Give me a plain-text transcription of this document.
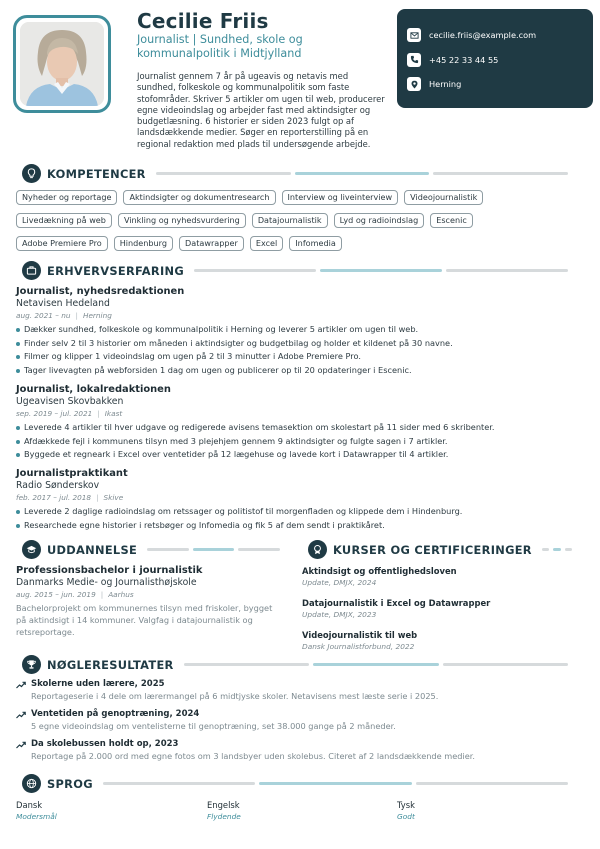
Cecilie Friis
Journalist | Sundhed, skole og kommunalpolitik i Midtjylland
Journalist gennem 7 år på ugeavis og netavis med sundhed, folkeskole og kommunalpolitik som faste stofområder. Skriver 5 artikler om ugen til web, producerer egne videoindslag og arbejder fast med aktindsigter og budgetlæsning. 6 historier er siden 2023 fulgt op af landsdækkende medier. Søger en reporterstilling på en regional redaktion med plads til undersøgende arbejde.
cecilie.friis@example.com
+45 22 33 44 55
Herning
KOMPETENCER
Nyheder og reportage	Aktindsigter og dokumentresearch	Interview og liveinterview	Videojournalistik
Livedækning på web	Vinkling og nyhedsvurdering	Datajournalistik	Lyd og radioindslag	Escenic
Adobe Premiere Pro	Hindenburg	Datawrapper	Excel	Infomedia
ERHVERVSERFARING
Journalist, nyhedsredaktionen
Netavisen Hedeland
aug. 2021 – nu | Herning
Dækker sundhed, folkeskole og kommunalpolitik i Herning og leverer 5 artikler om ugen til web.
Finder selv 2 til 3 historier om måneden i aktindsigter og budgetbilag og holder et kildenet på 30 navne.
Filmer og klipper 1 videoindslag om ugen på 2 til 3 minutter i Adobe Premiere Pro.
Tager livevagten på webforsiden 1 dag om ugen og publicerer op til 20 opdateringer i Escenic.
Journalist, lokalredaktionen
Ugeavisen Skovbakken
sep. 2019 – jul. 2021 | Ikast
Leverede 4 artikler til hver udgave og redigerede avisens temasektion om skolestart på 11 sider med 6 skribenter.
Afdækkede fejl i kommunens tilsyn med 3 plejehjem gennem 9 aktindsigter og fulgte sagen i 7 artikler.
Byggede et regneark i Excel over ventetider på 12 lægehuse og lavede kort i Datawrapper til 4 artikler.
Journalistpraktikant
Radio Sønderskov
feb. 2017 – jul. 2018 | Skive
Leverede 2 daglige radioindslag om retssager og politistof til morgenfladen og klippede dem i Hindenburg.
Researchede egne historier i retsbøger og Infomedia og fik 5 af dem sendt i praktikåret.
UDDANNELSE
Professionsbachelor i journalistik
Danmarks Medie- og Journalisthøjskole
aug. 2015 – jun. 2019 | Aarhus
Bachelorprojekt om kommunernes tilsyn med friskoler, bygget på aktindsigt i 14 kommuner. Valgfag i datajournalistik og retsreportage.
KURSER OG CERTIFICERINGER
Aktindsigt og offentlighedsloven
Update, DMJX, 2024
Datajournalistik i Excel og Datawrapper
Update, DMJX, 2023
Videojournalistik til web
Dansk Journalistforbund, 2022
NØGLERESULTATER
Skolerne uden lærere, 2025
Reportageserie i 4 dele om lærermangel på 6 midtjyske skoler. Netavisens mest læste serie i 2025.
Ventetiden på genoptræning, 2024
5 egne videoindslag om ventelisterne til genoptræning, set 38.000 gange på 2 måneder.
Da skolebussen holdt op, 2023
Reportage på 2.000 ord med egne fotos om 3 landsbyer uden skolebus. Citeret af 2 landsdækkende medier.
SPROG
Dansk
Modersmål
Engelsk
Flydende
Tysk
Godt
